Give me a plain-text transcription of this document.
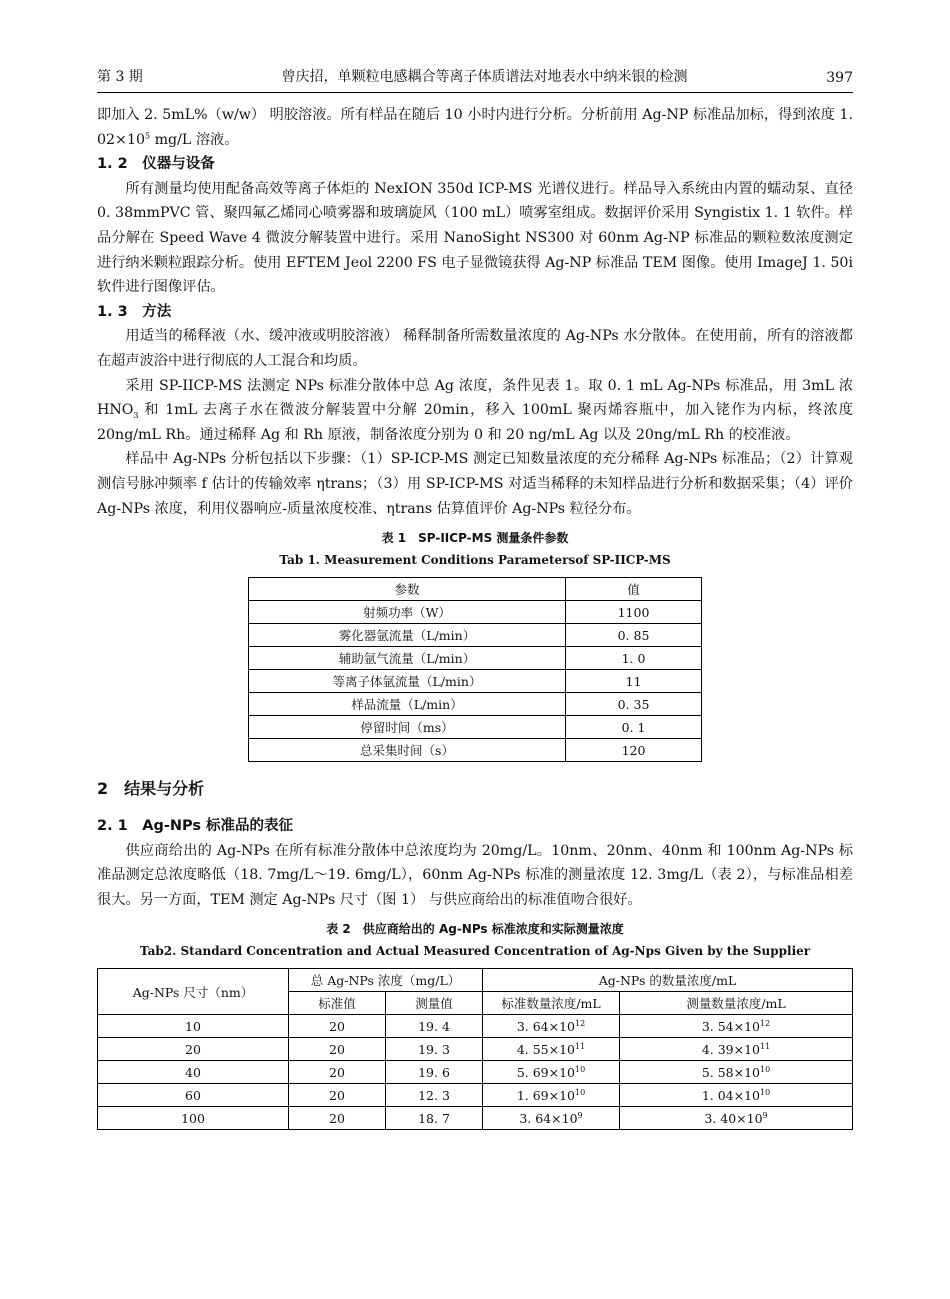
第 3 期	曾庆招，单颗粒电感耦合等离子体质谱法对地表水中纳米银的检测	397

即加入 2. 5mL%（w/w） 明胶溶液。所有样品在随后 10 小时内进行分析。分析前用 Ag-NP 标准品加标，得到浓度 1. $02\times 10^5$ mg/L 溶液。

1. 2　仪器与设备

所有测量均使用配备高效等离子体炬的 NexION 350d ICP-MS 光谱仪进行。样品导入系统由内置的蠕动泵、直径 0. 38mmPVC 管、聚四氟乙烯同心喷雾器和玻璃旋风（100 mL）喷雾室组成。数据评价采用 Syngistix 1. 1 软件。样品分解在 Speed Wave 4 微波分解装置中进行。采用 NanoSight NS300 对 60nm Ag-NP 标准品的颗粒数浓度测定进行纳米颗粒跟踪分析。使用 EFTEM Jeol 2200 FS 电子显微镜获得 Ag-NP 标准品 TEM 图像。使用 ImageJ 1. 50i 软件进行图像评估。

1. 3　方法

用适当的稀释液（水、缓冲液或明胶溶液） 稀释制备所需数量浓度的 Ag-NPs 水分散体。在使用前，所有的溶液都在超声波浴中进行彻底的人工混合和均质。

采用 SP-IICP-MS 法测定 NPs 标准分散体中总 Ag 浓度，条件见表 1。取 0. 1 mL Ag-NPs 标准品，用 3mL 浓 $HNO_3$ 和 1mL 去离子水在微波分解装置中分解 20min，移入 100mL 聚丙烯容瓶中，加入铑作为内标，终浓度 20ng/mL Rh。通过稀释 Ag 和 Rh 原液，制备浓度分别为 0 和 20 ng/mL Ag 以及 20ng/mL Rh 的校准液。

样品中 Ag-NPs 分析包括以下步骤：（1）SP-ICP-MS 测定已知数量浓度的充分稀释 Ag-NPs 标准品；（2）计算观测信号脉冲频率 f 估计的传输效率 ηtrans；（3）用 SP-ICP-MS 对适当稀释的未知样品进行分析和数据采集；（4）评价 Ag-NPs 浓度，利用仪器响应-质量浓度校准、ηtrans 估算值评价 Ag-NPs 粒径分布。

表 1　SP-IICP-MS 测量条件参数
Tab 1. Measurement Conditions Parametersof SP-IICP-MS
参数	值
射频功率（W）	1100
雾化器氩流量（L/min）	0. 85
辅助氩气流量（L/min）	1. 0
等离子体氩流量（L/min）	11
样品流量（L/min）	0. 35
停留时间（ms）	0. 1
总采集时间（s）	120
2　结果与分析
2. 1　Ag-NPs 标准品的表征

供应商给出的 Ag-NPs 在所有标准分散体中总浓度均为 20mg/L。10nm、20nm、40nm 和 100nm Ag-NPs 标准品测定总浓度略低（18. 7mg/L～19. 6mg/L），60nm Ag-NPs 标准的测量浓度 12. 3mg/L（表 2），与标准品相差很大。另一方面，TEM 测定 Ag-NPs 尺寸（图 1） 与供应商给出的标准值吻合很好。

表 2　供应商给出的 Ag-NPs 标准浓度和实际测量浓度
Tab2. Standard Concentration and Actual Measured Concentration of Ag-Nps Given by the Supplier
Ag-NPs 尺寸（nm）	总 Ag-NPs 浓度（mg/L）		Ag-NPs 的数量浓度/mL	
	标准值	测量值	标准数量浓度/mL	测量数量浓度/mL
10	20	19. 4	3. $64\times 10^{12}$	3. $54\times 10^{12}$
20	20	19. 3	4. $55\times 10^{11}$	4. $39\times 10^{11}$
40	20	19. 6	5. $69\times 10^{10}$	5. $58\times 10^{10}$
60	20	12. 3	1. $69\times 10^{10}$	1. $04\times 10^{10}$
100	20	18. 7	3. $64\times 10^9$	3. $40\times 10^9$
